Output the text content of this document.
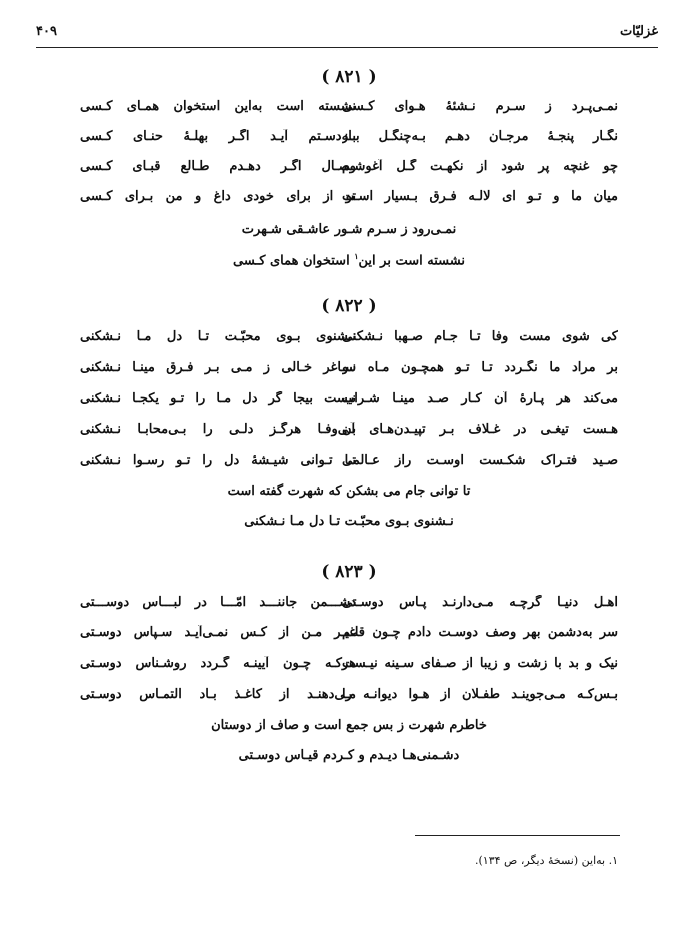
غزلیّات
۴۰۹
( ۸۲۱ )
نمـی‌پـرد ز سـرم نـشئهٔ هـوای کـسی
نشسته است به‌این استخوان همـای کـسی
نگـار پنجـهٔ مرجـان دهـم بـه‌چنگـل بـاز
بـه‌دسـتم آیـد اگـر بهلـهٔ حنـای کـسی
چو غنچه پر شود از نکهـت گـل آغوشـم
وصـال اگـر دهـدم طـالع قبـای کـسی
میان ما و تـو ای لالـه فـرق بـسیار اسـت
تو از برای خودی داغ و من بـرای کـسی
نمـی‌رود ز سـرم شـور عاشـقی شـهرت
نشسته است بر این$^۱$ استخوان همای کـسی
( ۸۲۲ )
کی شوی مست وفا تـا جـام صـهبا نـشکنی
نـشنوی بـوی محبّـت تـا دل مـا نـشکنی
بر مراد ما نگـردد تـا تـو همچـون مـاه نـو
سـاغر خـالی ز مـی بـر فـرق مینـا نـشکنی
می‌کند هر پـارهٔ آن کـار صـد مینـا شـراب
نیست بیجا گر دل مـا را تـو یکجـا نـشکنی
هـست تیغـی در غـلاف بـر تپیـدن‌هـای آن
بـی‌وفـا هرگـز دلـی را بـی‌محابـا نـشکنی
صـید فتـراک شکـست اوسـت راز عـالمی
تـا تـوانی شیـشهٔ دل را تـو رسـوا نـشکنی
تا توانی جام می بشکن که شهرت گفته است
نـشنوی بـوی محبّـت تـا دل مـا نـشکنی
( ۸۲۳ )
اهـل دنیـا گرچـه مـی‌دارنـد پـاس دوسـتی
دشـــمن جاننـــد امّـــا در لبـــاس دوســـتی
سر به‌دشمن بهر وصف دوسـت دادم چـون قلـم
غیـر مـن از کـس نمـی‌آیـد سـپاس دوسـتی
نیک و بد با زشت و زیبا از صـفای سـینه نیـست
هرکـه چـون آیینـه گـردد روشـناس دوسـتی
بـس‌کـه مـی‌جوینـد طفـلان از هـوا دیوانـه را
مـی‌دهنـد از کاغـذ بـاد التمـاس دوسـتی
خاطرم شهرت ز بس جمع است و صاف از دوستان
دشـمنی‌هـا دیـدم و کـردم قیـاس دوسـتی
۱. به‌این (نسخهٔ دیگر، ص ۱۳۴).
